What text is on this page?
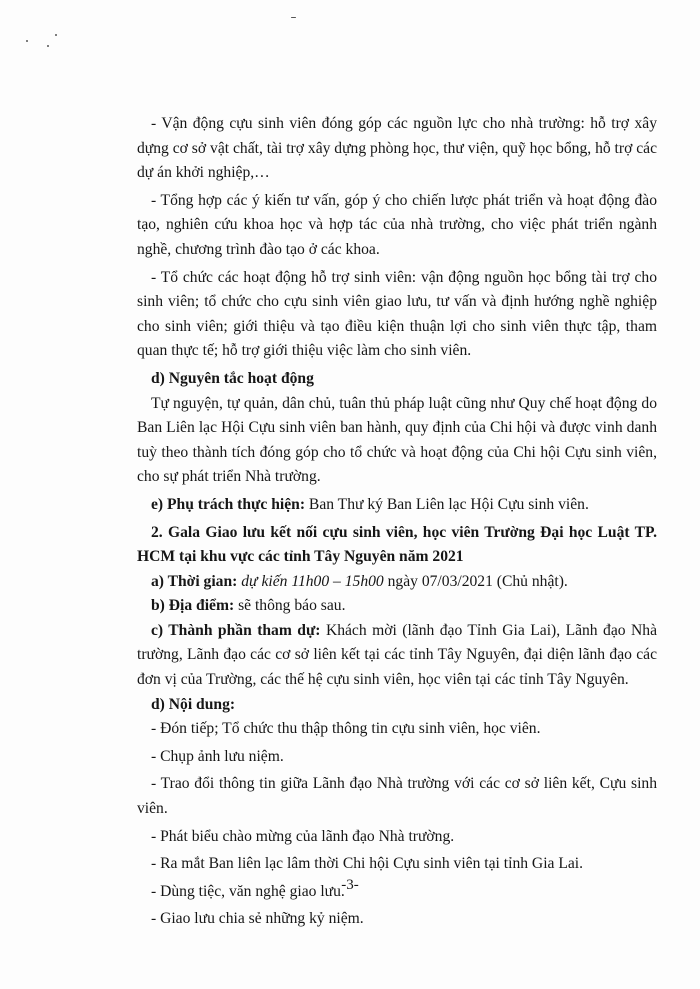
- Vận động cựu sinh viên đóng góp các nguồn lực cho nhà trường: hỗ trợ xây dựng cơ sở vật chất, tài trợ xây dựng phòng học, thư viện, quỹ học bổng, hỗ trợ các dự án khởi nghiệp,…

- Tổng hợp các ý kiến tư vấn, góp ý cho chiến lược phát triển và hoạt động đào tạo, nghiên cứu khoa học và hợp tác của nhà trường, cho việc phát triển ngành nghề, chương trình đào tạo ở các khoa.

- Tổ chức các hoạt động hỗ trợ sinh viên: vận động nguồn học bổng tài trợ cho sinh viên; tổ chức cho cựu sinh viên giao lưu, tư vấn và định hướng nghề nghiệp cho sinh viên; giới thiệu và tạo điều kiện thuận lợi cho sinh viên thực tập, tham quan thực tế; hỗ trợ giới thiệu việc làm cho sinh viên.

d) Nguyên tắc hoạt động

Tự nguyện, tự quản, dân chủ, tuân thủ pháp luật cũng như Quy chế hoạt động do Ban Liên lạc Hội Cựu sinh viên ban hành, quy định của Chi hội và được vinh danh tuỳ theo thành tích đóng góp cho tổ chức và hoạt động của Chi hội Cựu sinh viên, cho sự phát triển Nhà trường.

e) Phụ trách thực hiện: Ban Thư ký Ban Liên lạc Hội Cựu sinh viên.

2. Gala Giao lưu kết nối cựu sinh viên, học viên Trường Đại học Luật TP. HCM tại khu vực các tỉnh Tây Nguyên năm 2021

a) Thời gian: dự kiến 11h00 – 15h00 ngày 07/03/2021 (Chủ nhật).

b) Địa điểm: sẽ thông báo sau.

c) Thành phần tham dự: Khách mời (lãnh đạo Tỉnh Gia Lai), Lãnh đạo Nhà trường, Lãnh đạo các cơ sở liên kết tại các tỉnh Tây Nguyên, đại diện lãnh đạo các đơn vị của Trường, các thế hệ cựu sinh viên, học viên tại các tỉnh Tây Nguyên.

d) Nội dung:

- Đón tiếp; Tổ chức thu thập thông tin cựu sinh viên, học viên.

- Chụp ảnh lưu niệm.

- Trao đổi thông tin giữa Lãnh đạo Nhà trường với các cơ sở liên kết, Cựu sinh viên.

- Phát biểu chào mừng của lãnh đạo Nhà trường.

- Ra mắt Ban liên lạc lâm thời Chi hội Cựu sinh viên tại tỉnh Gia Lai.

- Dùng tiệc, văn nghệ giao lưu.

- Giao lưu chia sẻ những kỷ niệm.

-3-
